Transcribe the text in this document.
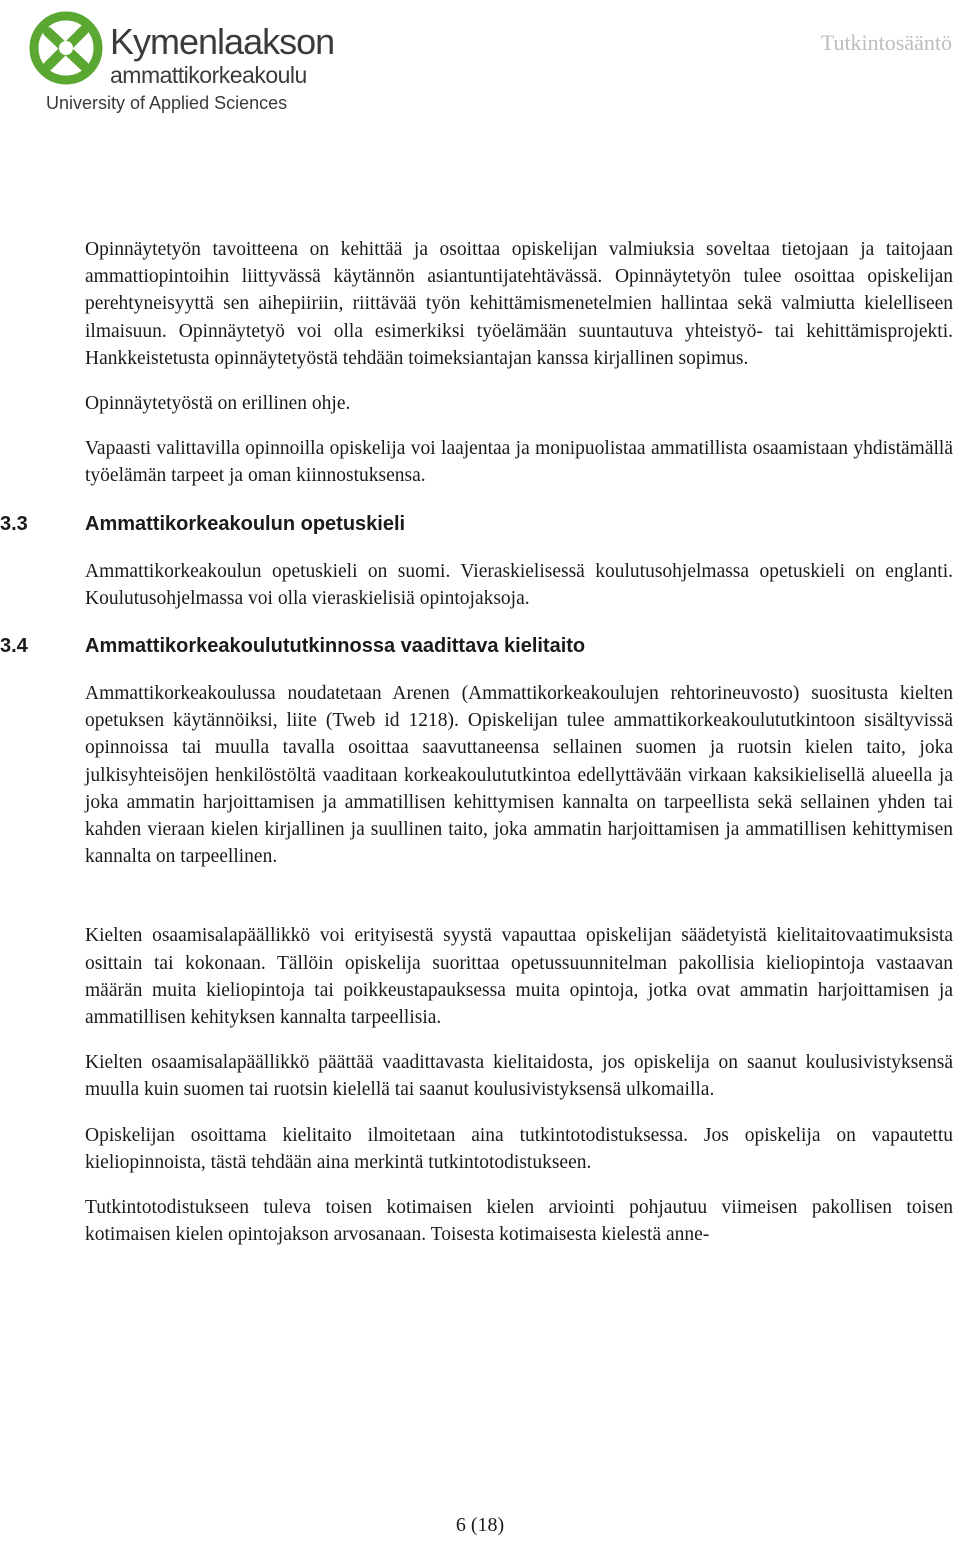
Kymenlaakson
ammattikorkeakoulu
University of Applied Sciences
Tutkintosääntö

Opinnäytetyön tavoitteena on kehittää ja osoittaa opiskelijan valmiuksia soveltaa tietojaan ja taitojaan ammattiopintoihin liittyvässä käytännön asiantuntijatehtävässä. Opinnäytetyön tulee osoittaa opiskelijan perehtyneisyyttä sen aihepiiriin, riittävää työn kehittämismenetelmien hallintaa sekä valmiutta kielelliseen ilmaisuun. Opinnäytetyö voi olla esimerkiksi työelämään suuntautuva yhteistyö- tai kehittämisprojekti. Hankkeistetusta opinnäytetyöstä tehdään toimeksiantajan kanssa kirjallinen sopimus.

Opinnäytetyöstä on erillinen ohje.

Vapaasti valittavilla opinnoilla opiskelija voi laajentaa ja monipuolistaa ammatillista osaamistaan yhdistämällä työelämän tarpeet ja oman kiinnostuksensa.

3.3	Ammattikorkeakoulun opetuskieli

Ammattikorkeakoulun opetuskieli on suomi. Vieraskielisessä koulutusohjelmassa opetuskieli on englanti. Koulutusohjelmassa voi olla vieraskielisiä opintojaksoja.

3.4	Ammattikorkeakoulututkinnossa vaadittava kielitaito

Ammattikorkeakoulussa noudatetaan Arenen (Ammattikorkeakoulujen rehtorineuvosto) suositusta kielten opetuksen käytännöiksi, liite (Tweb id 1218). Opiskelijan tulee ammattikorkeakoulututkintoon sisältyvissä opinnoissa tai muulla tavalla osoittaa saavuttaneensa sellainen suomen ja ruotsin kielen taito, joka julkisyhteisöjen henkilöstöltä vaaditaan korkeakoulututkintoa edellyttävään virkaan kaksikielisellä alueella ja joka ammatin harjoittamisen ja ammatillisen kehittymisen kannalta on tarpeellista sekä sellainen yhden tai kahden vieraan kielen kirjallinen ja suullinen taito, joka ammatin harjoittamisen ja ammatillisen kehittymisen kannalta on tarpeellinen.

Kielten osaamisalapäällikkö voi erityisestä syystä vapauttaa opiskelijan säädetyistä kielitaitovaatimuksista osittain tai kokonaan. Tällöin opiskelija suorittaa opetussuunnitelman pakollisia kieliopintoja vastaavan määrän muita kieliopintoja tai poikkeustapauksessa muita opintoja, jotka ovat ammatin harjoittamisen ja ammatillisen kehityksen kannalta tarpeellisia.

Kielten osaamisalapäällikkö päättää vaadittavasta kielitaidosta, jos opiskelija on saanut koulusivistyksensä muulla kuin suomen tai ruotsin kielellä tai saanut koulusivistyksensä ulkomailla.

Opiskelijan osoittama kielitaito ilmoitetaan aina tutkintotodistuksessa. Jos opiskelija on vapautettu kieliopinnoista, tästä tehdään aina merkintä tutkintotodistukseen.

Tutkintotodistukseen tuleva toisen kotimaisen kielen arviointi pohjautuu viimeisen pakollisen toisen kotimaisen kielen opintojakson arvosanaan. Toisesta kotimaisesta kielestä anne-

6 (18)
